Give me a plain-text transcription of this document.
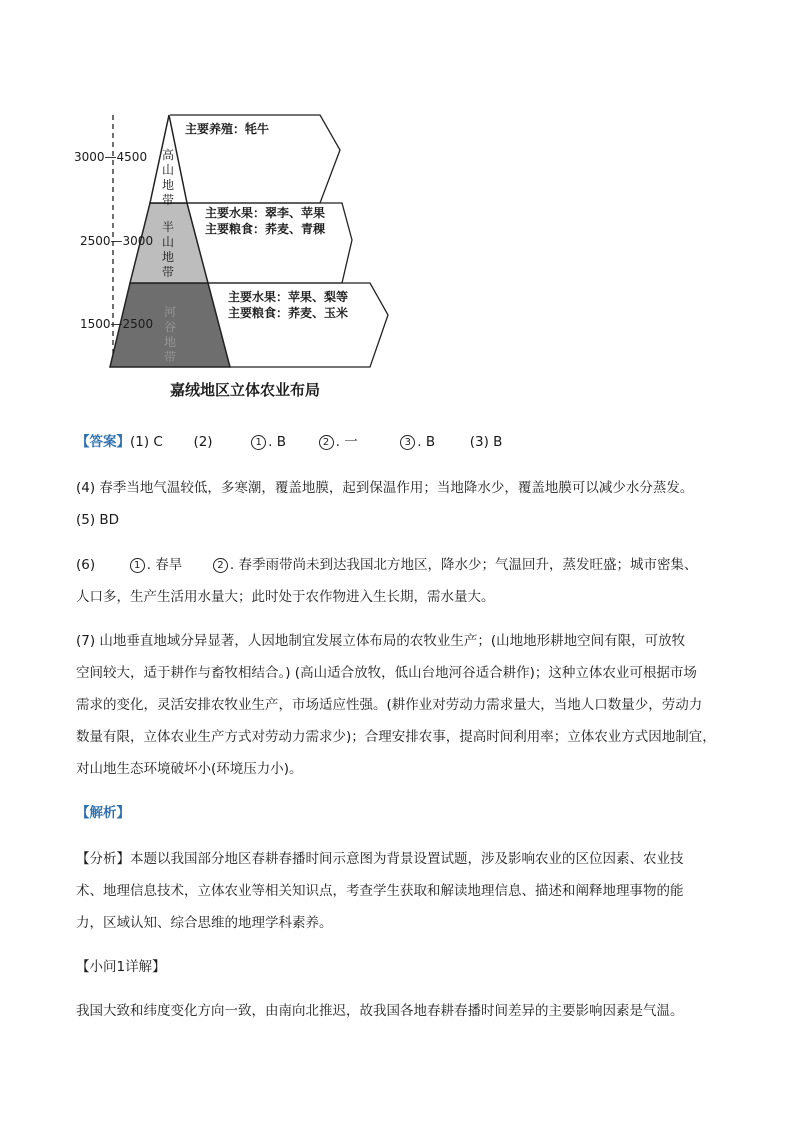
3000—4500
2500—3000
1500—2500
高山地带
半山地带
河谷地带
主要养殖：牦牛
主要水果：翠李、苹果
主要粮食：荞麦、青稞
主要水果：苹果、梨等
主要粮食：荞麦、玉米
嘉绒地区立体农业布局
【答案】(1) C (2)	1 . B	2 . 一	3 . B	(3) B
(4) 春季当地气温较低，多寒潮，覆盖地膜，起到保温作用；当地降水少，覆盖地膜可以减少水分蒸发。
(5) BD
(6)	1 . 春旱	2 . 春季雨带尚未到达我国北方地区，降水少；气温回升，蒸发旺盛；城市密集、
人口多，生产生活用水量大；此时处于农作物进入生长期，需水量大。
(7) 山地垂直地域分异显著，人因地制宜发展立体布局的农牧业生产；(山地地形耕地空间有限，可放牧
空间较大，适于耕作与畜牧相结合。) (高山适合放牧，低山台地河谷适合耕作)；这种立体农业可根据市场
需求的变化，灵活安排农牧业生产，市场适应性强。(耕作业对劳动力需求量大，当地人口数量少，劳动力
数量有限，立体农业生产方式对劳动力需求少)；合理安排农事，提高时间利用率；立体农业方式因地制宜，
对山地生态环境破坏小(环境压力小)。
【解析】
【分析】本题以我国部分地区春耕春播时间示意图为背景设置试题，涉及影响农业的区位因素、农业技
术、地理信息技术，立体农业等相关知识点，考查学生获取和解读地理信息、描述和阐释地理事物的能
力，区域认知、综合思维的地理学科素养。
【小问1详解】
我国大致和纬度变化方向一致，由南向北推迟，故我国各地春耕春播时间差异的主要影响因素是气温。
